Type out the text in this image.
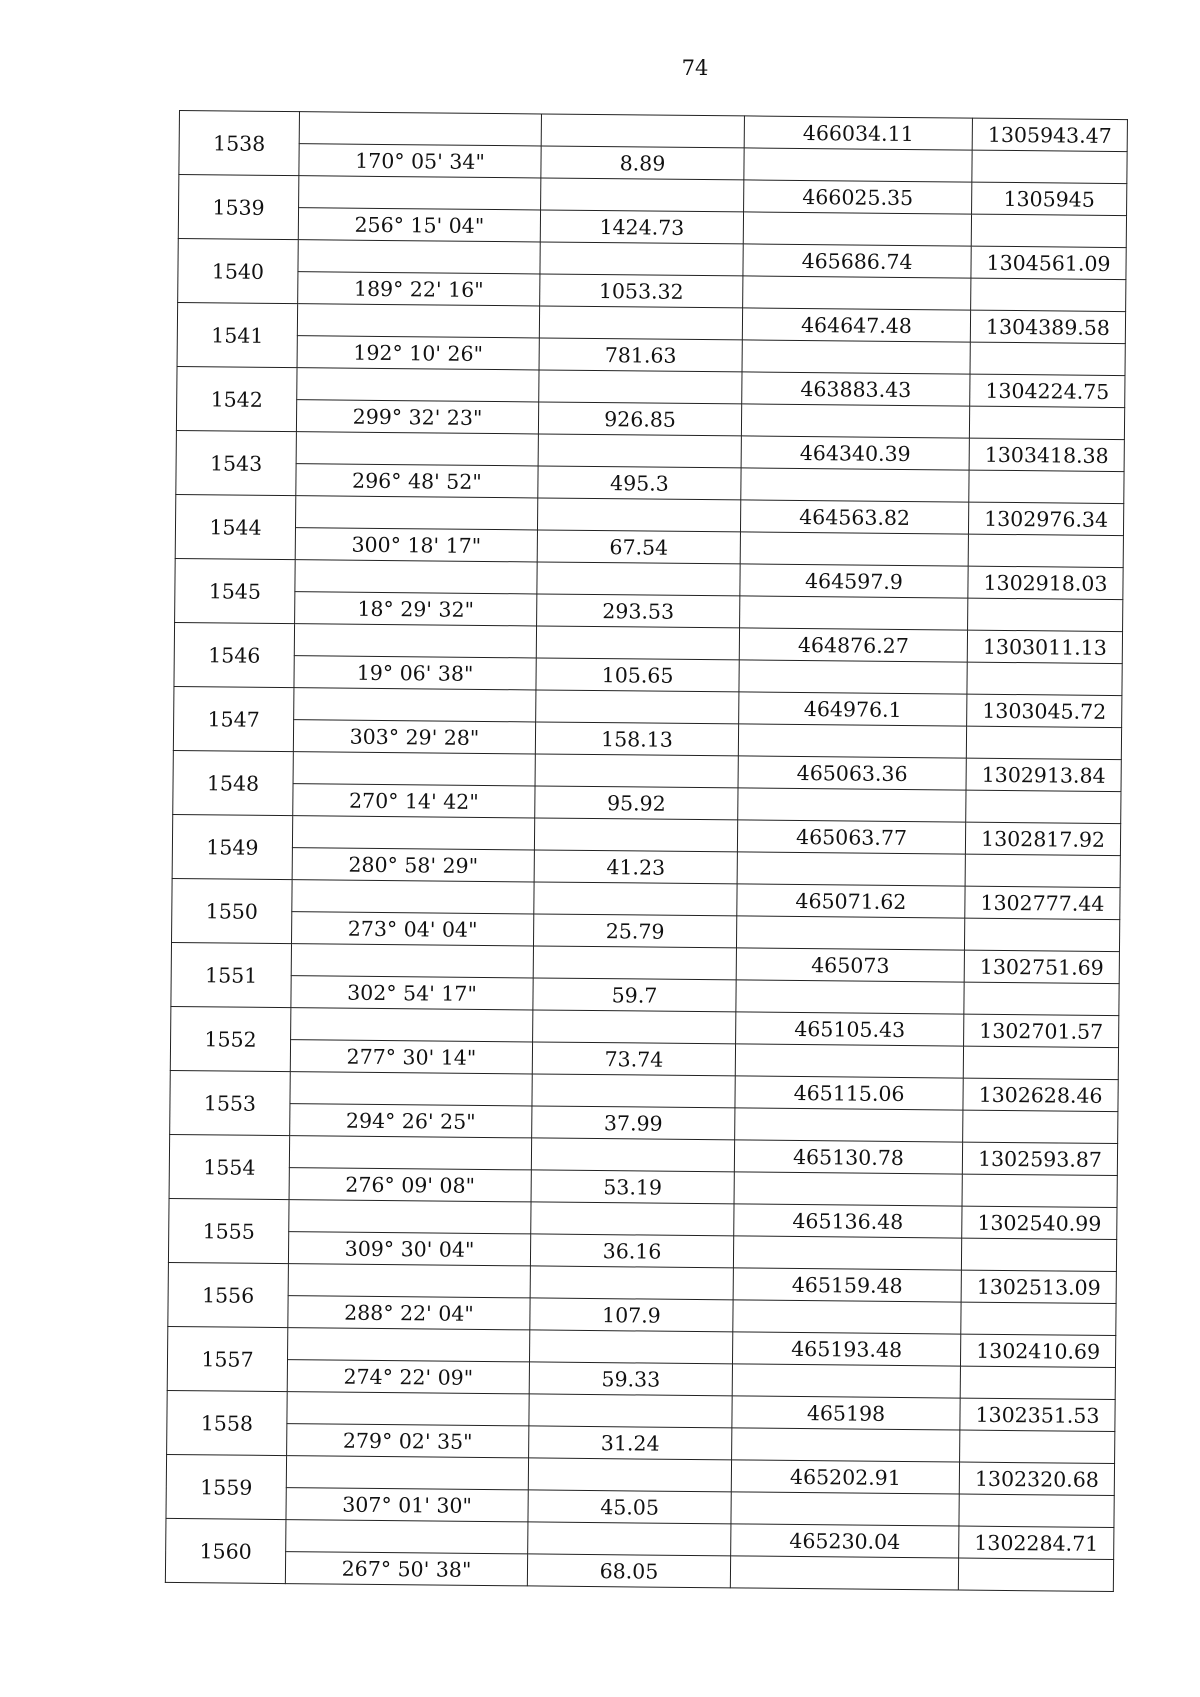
74
1538			466034.11	1305943.47
	170° 05' 34"	8.89		
1539			466025.35	1305945
	256° 15' 04"	1424.73		
1540			465686.74	1304561.09
	189° 22' 16"	1053.32		
1541			464647.48	1304389.58
	192° 10' 26"	781.63		
1542			463883.43	1304224.75
	299° 32' 23"	926.85		
1543			464340.39	1303418.38
	296° 48' 52"	495.3		
1544			464563.82	1302976.34
	300° 18' 17"	67.54		
1545			464597.9	1302918.03
	18° 29' 32"	293.53		
1546			464876.27	1303011.13
	19° 06' 38"	105.65		
1547			464976.1	1303045.72
	303° 29' 28"	158.13		
1548			465063.36	1302913.84
	270° 14' 42"	95.92		
1549			465063.77	1302817.92
	280° 58' 29"	41.23		
1550			465071.62	1302777.44
	273° 04' 04"	25.79		
1551			465073	1302751.69
	302° 54' 17"	59.7		
1552			465105.43	1302701.57
	277° 30' 14"	73.74		
1553			465115.06	1302628.46
	294° 26' 25"	37.99		
1554			465130.78	1302593.87
	276° 09' 08"	53.19		
1555			465136.48	1302540.99
	309° 30' 04"	36.16		
1556			465159.48	1302513.09
	288° 22' 04"	107.9		
1557			465193.48	1302410.69
	274° 22' 09"	59.33		
1558			465198	1302351.53
	279° 02' 35"	31.24		
1559			465202.91	1302320.68
	307° 01' 30"	45.05		
1560			465230.04	1302284.71
	267° 50' 38"	68.05		
